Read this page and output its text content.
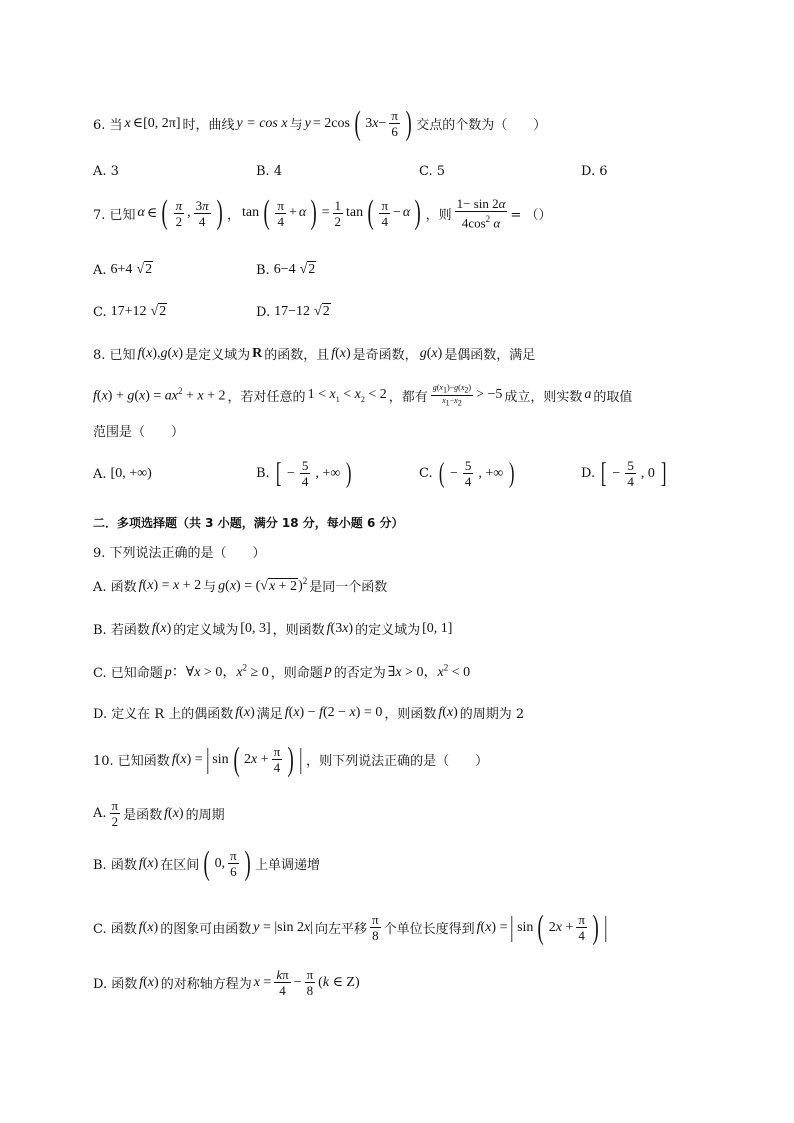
6. 当 x ∈[0, 2π] 时，曲线 y = cos x 与 y = 2cos ( $3x- \frac{\pi}{6}$ ) 交点的个数为（　　）
A. 3	B. 4	C. 5	D. 6
7. 已知 α ∈ ( π
2
, 3π
4 ) ， tan ( π
4
+ α ) = $\frac{1}{2}$ tan ( π
4
− α ) ，则 $\frac{1- \sin 2\alpha}{4\cos^2 \alpha}$ = （）
A. 6+4 √2	B. 6−4 √2
C. 17+12 √2	D. 17−12 √2
8. 已知 f(x),g(x) 是定义域为 R 的函数，且 f(x) 是奇函数， g(x) 是偶函数，满足
$f(x) + g(x) = ax^2 + x + 2$ ，若对任意的 $1 < x_1 < x_2 < 2$ ，都有
$g(x_1)-g(x_2)$
$x_1-x_2$
> −5 成立，则实数 a 的取值
范围是（　　）
A. [0, +∞)	B. [ − $\frac{5}{4}$ , +∞ )	C. ( − $\frac{5}{4}$ , +∞ )	D. [ − $\frac{5}{4}$ , 0 ]
二．多项选择题（共 3 小题，满分 18 分，每小题 6 分）
9. 下列说法正确的是（　　）
A. 函数 f(x) = x + 2 与 $g(x) = (√x + 2)^2$ 是同一个函数
B. 若函数 f(x) 的定义域为 [0, 3] ，则函数 f(3x) 的定义域为 [0, 1]
C. 已知命题 p：∀x > 0，$x^2 \ge 0$ ，则命题 p 的否定为 ∃x > 0，$x^2 < 0$
D. 定义在 R 上的偶函数 f(x) 满足 f(x) − f(2 − x) = 0 ，则函数 f(x) 的周期为 2
10. 已知函数 f(x) = | sin ( $2x + \frac{\pi}{4}$ ) | ，则下列说法正确的是（　　）
A.
π
2 是函数 f(x) 的周期
B. 函数 f(x) 在区间 ( 0, π
6 ) 上单调递增
C. 函数 f(x) 的图象可由函数 y = |sin 2x| 向左平移
π
8 个单位长度得到 f(x) = | sin ( $2x + \frac{\pi}{4}$ ) |
D. 函数 f(x) 的对称轴方程为 $x = \frac{k\pi}{4} - \frac{\pi}{8} (k$ ∈ Z)
